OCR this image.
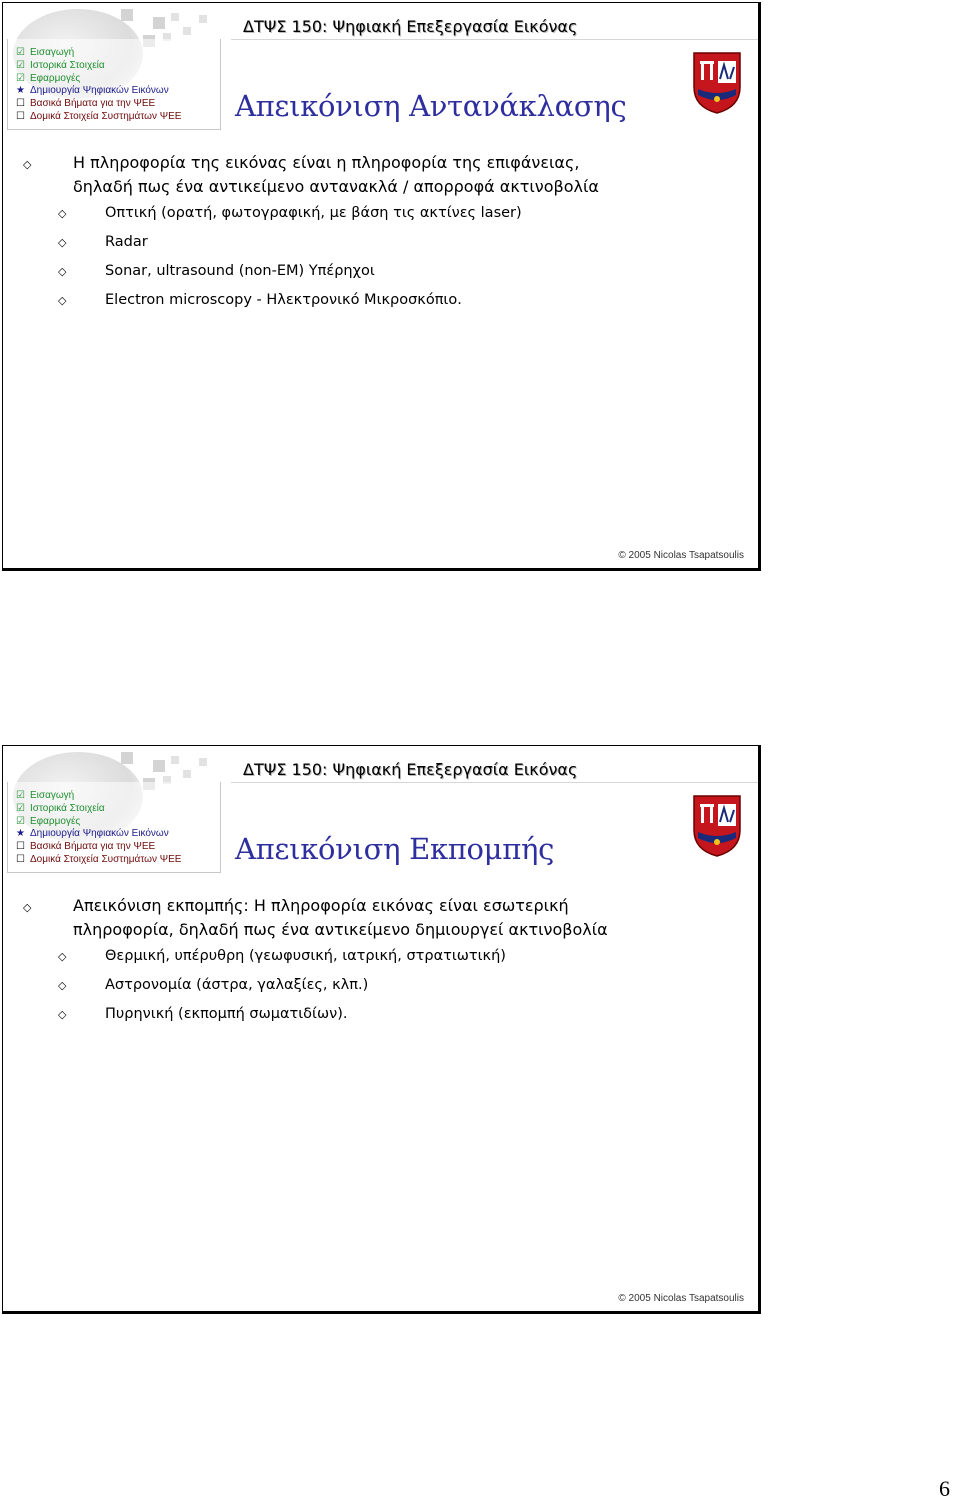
☑ Εισαγωγή
☑ Ιστορικά Στοιχεία
☑ Εφαρμογές
★ Δημιουργία Ψηφιακών Εικόνων
☐ Βασικά Βήματα για την ΨΕΕ
☐ Δομικά Στοιχεία Συστημάτων ΨΕΕ
ΔΤΨΣ 150: Ψηφιακή Επεξεργασία Εικόνας
Απεικόνιση Αντανάκλασης
◇	Η πληροφορία της εικόνας είναι η πληροφορία της επιφάνειας,
δηλαδή πως ένα αντικείμενο αντανακλά / απορροφά ακτινοβολία
◇	Οπτική (ορατή, φωτογραφική, με βάση τις ακτίνες laser)
◇	Radar
◇	Sonar, ultrasound (non-EM) Υπέρηχοι
◇	Electron microscopy - Ηλεκτρονικό Μικροσκόπιο.
© 2005 Nicolas Tsapatsoulis
☑ Εισαγωγή
☑ Ιστορικά Στοιχεία
☑ Εφαρμογές
★ Δημιουργία Ψηφιακών Εικόνων
☐ Βασικά Βήματα για την ΨΕΕ
☐ Δομικά Στοιχεία Συστημάτων ΨΕΕ
ΔΤΨΣ 150: Ψηφιακή Επεξεργασία Εικόνας
Απεικόνιση Εκπομπής
◇	Απεικόνιση εκπομπής: Η πληροφορία εικόνας είναι εσωτερική
πληροφορία, δηλαδή πως ένα αντικείμενο δημιουργεί ακτινοβολία
◇	Θερμική, υπέρυθρη (γεωφυσική, ιατρική, στρατιωτική)
◇	Αστρονομία (άστρα, γαλαξίες, κλπ.)
◇	Πυρηνική (εκπομπή σωματιδίων).
© 2005 Nicolas Tsapatsoulis
6
